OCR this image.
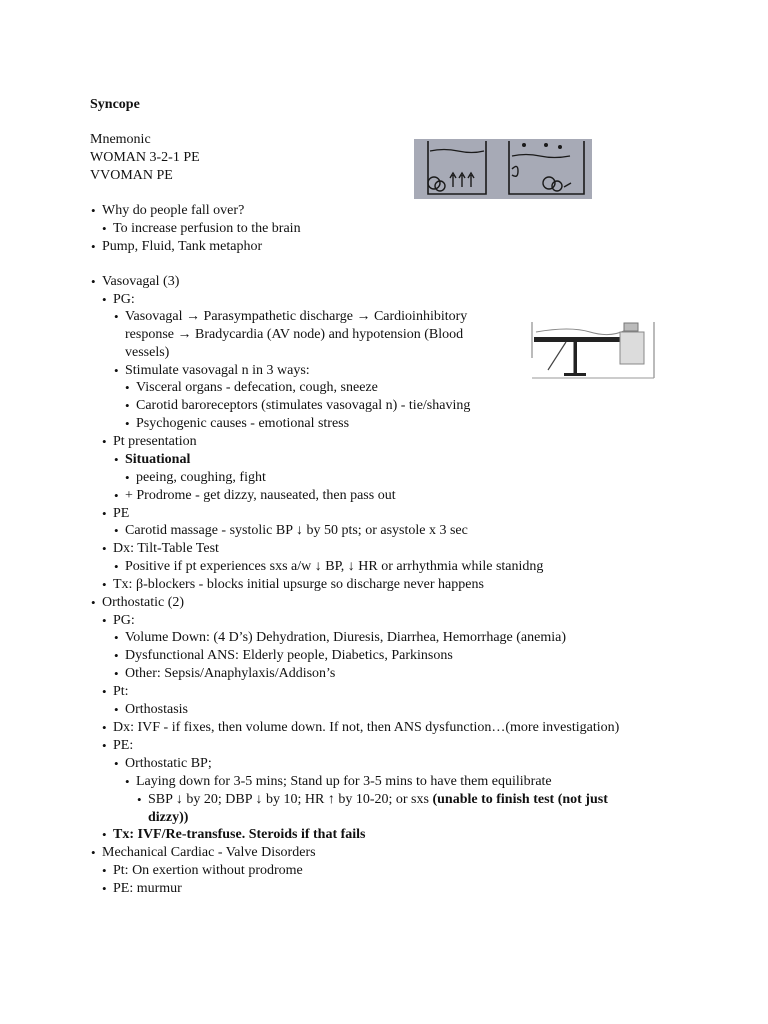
Syncope
Mnemonic
WOMAN 3-2-1 PE
VVOMAN PE
• Why do people fall over?
• To increase perfusion to the brain
• Pump, Fluid, Tank metaphor
• Vasovagal (3)
• PG:
• Vasovagal → Parasympathetic discharge → Cardioinhibitory
response → Bradycardia (AV node) and hypotension (Blood
vessels)
• Stimulate vasovagal n in 3 ways:
• Visceral organs - defecation, cough, sneeze
• Carotid baroreceptors (stimulates vasovagal n) - tie/shaving
• Psychogenic causes - emotional stress
• Pt presentation
• Situational
• peeing, coughing, fight
• + Prodrome - get dizzy, nauseated, then pass out
• PE
• Carotid massage - systolic BP ↓ by 50 pts; or asystole x 3 sec
• Dx: Tilt-Table Test
• Positive if pt experiences sxs a/w ↓ BP, ↓ HR or arrhythmia while stanidng
• Tx: β-blockers - blocks initial upsurge so discharge never happens
• Orthostatic (2)
• PG:
• Volume Down: (4 D’s) Dehydration, Diuresis, Diarrhea, Hemorrhage (anemia)
• Dysfunctional ANS: Elderly people, Diabetics, Parkinsons
• Other: Sepsis/Anaphylaxis/Addison’s
• Pt:
• Orthostasis
• Dx: IVF - if fixes, then volume down. If not, then ANS dysfunction…(more investigation)
• PE:
• Orthostatic BP;
• Laying down for 3-5 mins; Stand up for 3-5 mins to have them equilibrate
• SBP ↓ by 20; DBP ↓ by 10; HR ↑ by 10-20; or sxs (unable to finish test (not just
dizzy))
• Tx: IVF/Re-transfuse. Steroids if that fails
• Mechanical Cardiac - Valve Disorders
• Pt: On exertion without prodrome
• PE: murmur
